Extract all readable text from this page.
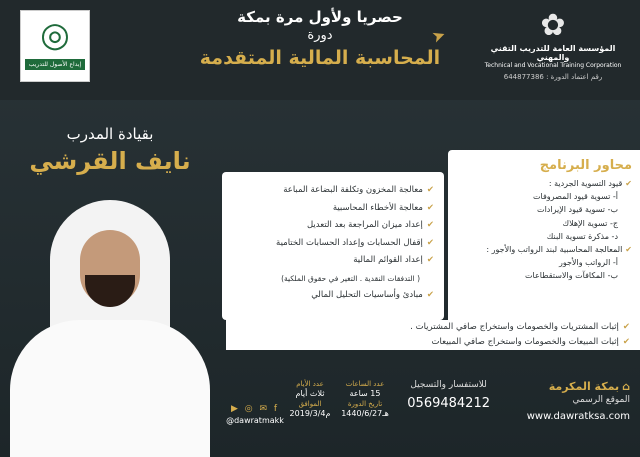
✿
المؤسسة العامة للتدريب التقني والمهني
Technical and Vocational Training Corporation
رقم اعتماد الدورة : 644877386
حصريا ولأول مرة بمكة
دورة
المحاسبة المالية المتقدمة
➤
◎
إبداع الأصول للتدريب
بقيادة المدرب
نايف القرشي
✔معالجة المخزون وتكلفة البضاعة المباعة
✔معالجة الأخطاء المحاسبية
✔إعداد ميزان المراجعة بعد التعديل
✔إقفال الحسابات وإعداد الحسابات الختامية
✔إعداد القوائم المالية
( التدفقات النقدية . التغير في حقوق الملكية)
✔مبادئ وأساسيات التحليل المالي
محاور البرنامج
✔قيود التسوية الجردية :
أ- تسوية قيود المصروفات
ب- تسوية قيود الإيرادات
ج- تسوية الإهلاك
د- مذكرة تسوية البنك
✔المعالجة المحاسبية لبند الرواتب والأجور :
أ- الرواتب والأجور
ب- المكافآت والاستقطاعات
✔إثبات المشتريات والخصومات واستخراج صافي المشتريات .
✔إثبات المبيعات والخصومات واستخراج صافي المبيعات
⌂بمكة المكرمة
الموقع الرسمي
www.dawratksa.com
للاستفسار والتسجيل
0569484212
عدد الساعات
15 ساعة
تاريخ الدورة
1440/6/27هـ
عدد الأيام
ثلاث أيام
الموافق
2019/3/4م
f ✉ ◎ ▶
@dawratmakk
